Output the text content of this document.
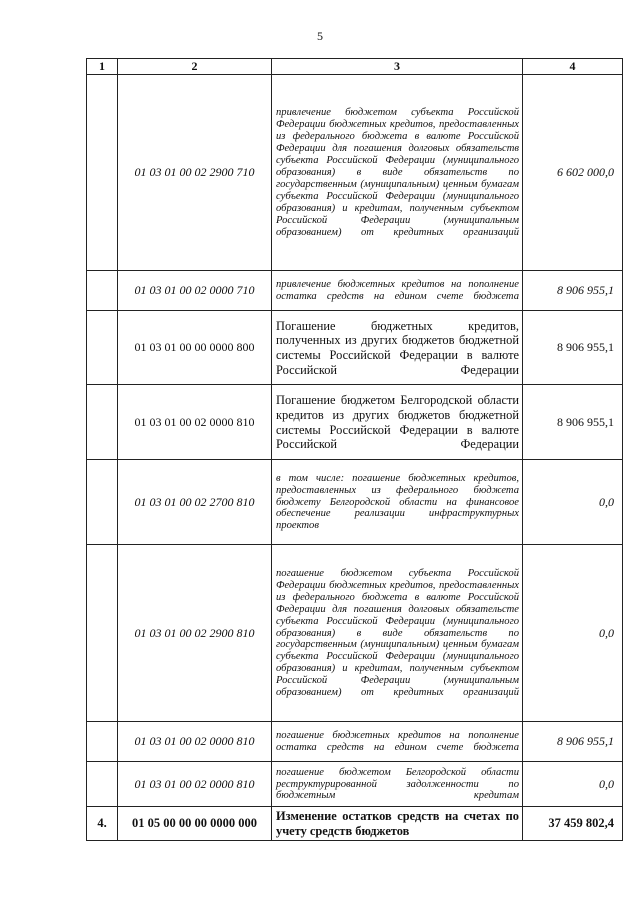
5
1	2	3	4
	01 03 01 00 02 2900 710	привлечение бюджетом субъекта Российской Федерации бюджетных кредитов, предоставленных из федерального бюджета в валюте Российской Федерации для погашения долговых обязательств субъекта Российской Федерации (муниципального образования) в виде обязательств по государственным (муниципальным) ценным бумагам субъекта Российской Федерации (муниципального образования) и кредитам, полученным субъектом Российской Федерации (муниципальным образованием) от кредитных организаций	6 602 000,0
	01 03 01 00 02 0000 710	привлечение бюджетных кредитов на пополнение остатка средств на едином счете бюджета	8 906 955,1
	01 03 01 00 00 0000 800	Погашение бюджетных кредитов, полученных из других бюджетов бюджетной системы Российской Федерации в валюте Российской Федерации	8 906 955,1
	01 03 01 00 02 0000 810	Погашение бюджетом Белгородской области кредитов из других бюджетов бюджетной системы Российской Федерации в валюте Российской Федерации	8 906 955,1
	01 03 01 00 02 2700 810	в том числе: погашение бюджетных кредитов, предоставленных из федерального бюджета бюджету Белгородской области на финансовое обеспечение реализации инфраструктурных проектов	0,0
	01 03 01 00 02 2900 810	погашение бюджетом субъекта Российской Федерации бюджетных кредитов, предоставленных из федерального бюджета в валюте Российской Федерации для погашения долговых обязательсте субъекта Российской Федерации (муниципального образования) в виде обязательств по государственным (муниципальным) ценным бумагам субъекта Российской Федерации (муниципального образования) и кредитам, полученным субъектом Российской Федерации (муниципальным образованием) от кредитных организаций	0,0
	01 03 01 00 02 0000 810	погашение бюджетных кредитов на пополнение остатка средств на едином счете бюджета	8 906 955,1
	01 03 01 00 02 0000 810	погашение бюджетом Белгородской области реструктурированной задолженности по бюджетным кредитам	0,0
4.	01 05 00 00 00 0000 000	Изменение остатков средств на счетах по учету средств бюджетов	37 459 802,4
